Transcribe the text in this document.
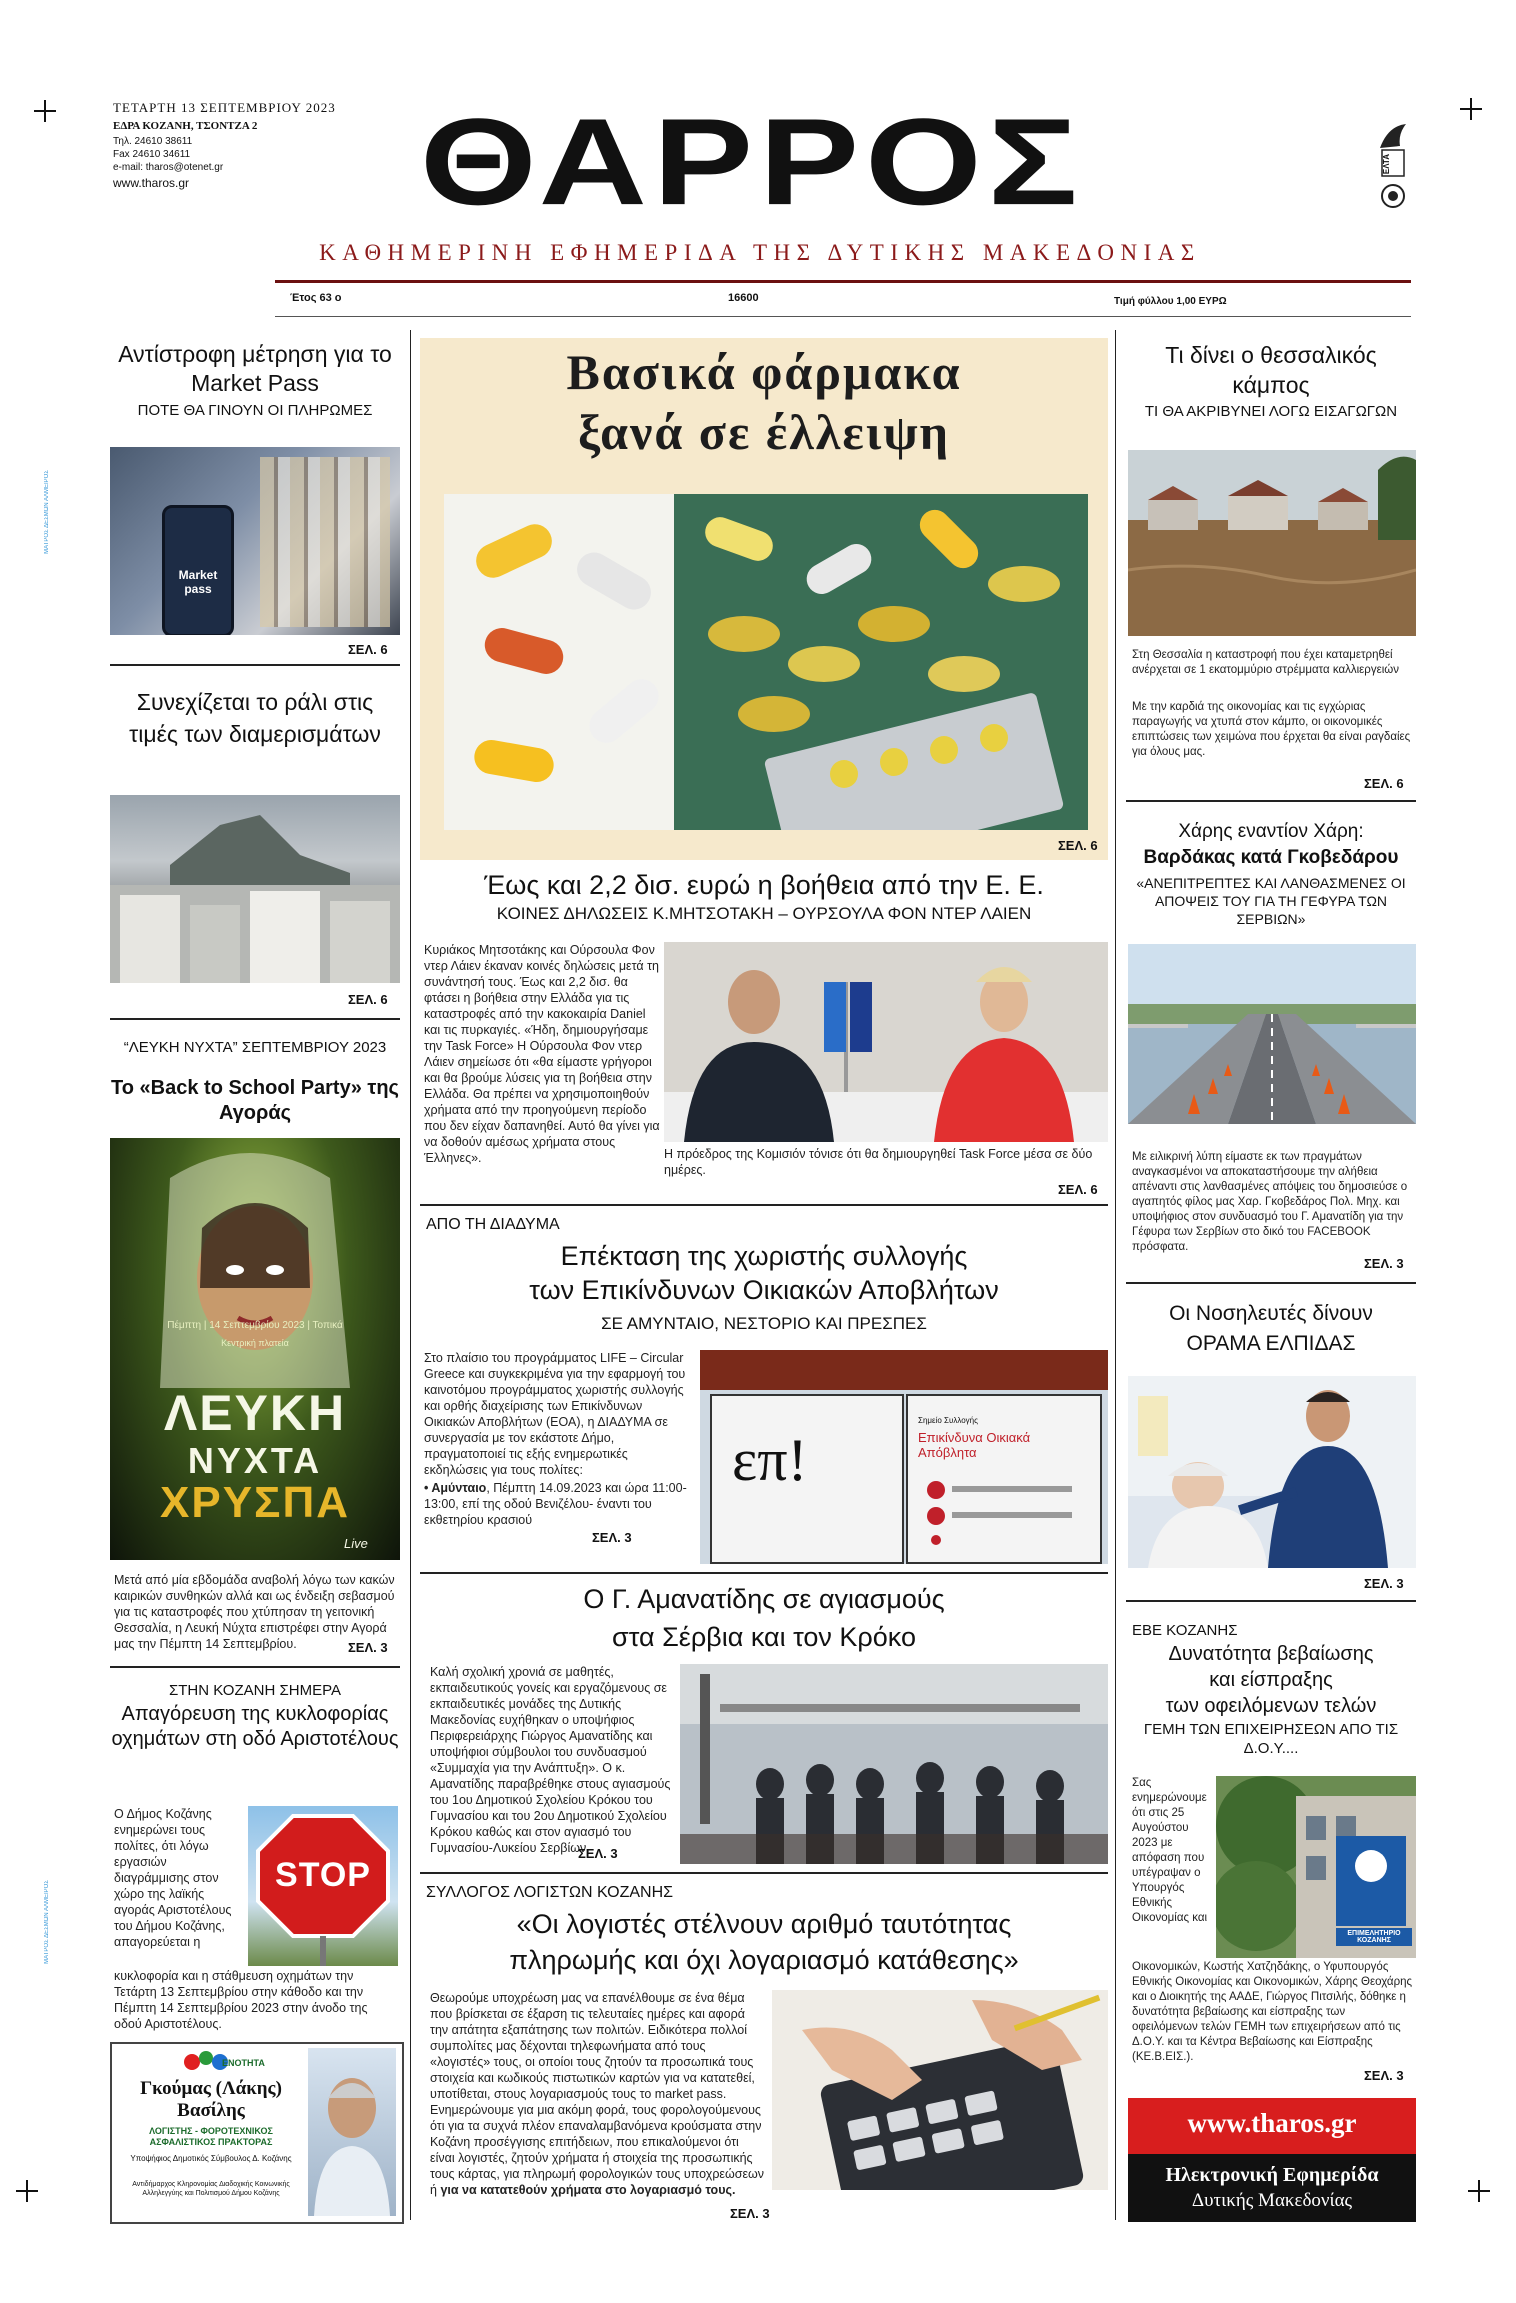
ΤΕΤΑΡΤΗ 13 ΣΕΠΤΕΜΒΡΙΟΥ 2023
ΕΔΡΑ ΚΟΖΑΝΗ, ΤΣΟΝΤΖΑ 2
Τηλ. 24610 38611
Fax 24610 34611
e-mail: tharos@otenet.gr
www.tharos.gr ΘΑΡΡΟΣ	ΕΛΤΑ
ΚΑΘΗΜΕΡΙΝΗ ΕΦΗΜΕΡΙΔΑ ΤΗΣ ΔΥΤΙΚΗΣ ΜΑΚΕΔΟΝΙΑΣ
Έτος 63 ο	16600	Τιμή φύλλου 1,00 ΕΥΡΩ
ΜΑΤΡΟΣ ΔΕΣΜΩΝ ΑΛΜΕΙΡΟΣ
ΜΑΤΡΟΣ ΔΕΣΜΩΝ ΑΛΜΕΙΡΟΣ
Αντίστροφη μέτρηση για το Market Pass
ΠΟΤΕ ΘΑ ΓΙΝΟΥΝ ΟΙ ΠΛΗΡΩΜΕΣ
Market pass
ΣΕΛ. 6
Συνεχίζεται το ράλι στις τιμές των διαμερισμάτων
ΣΕΛ. 6
“ΛΕΥΚΗ ΝΥΧΤΑ” ΣΕΠΤΕΜΒΡΙΟΥ 2023
To «Back to School Party» της Αγοράς
Πέμπτη | 14 Σεπτεμβρίου 2023 | Τοπικά
Κεντρική πλατεία
ΛΕΥΚΗ
ΝΥΧΤΑ
ΧΡΥΣΠΑ
Live
Μετά από μία εβδομάδα αναβολή λόγω των κακών καιρικών συνθηκών αλλά και ως ένδειξη σεβασμού για τις καταστροφές που χτύπησαν τη γειτονική Θεσσαλία, η Λευκή Νύχτα επιστρέφει στην Αγορά μας την Πέμπτη 14 Σεπτεμβρίου.	ΣΕΛ. 3
ΣΤΗΝ ΚΟΖΑΝΗ ΣΗΜΕΡΑ
Απαγόρευση της κυκλοφορίας οχημάτων στη οδό Αριστοτέλους
Ο Δήμος Κοζάνης ενημερώνει τους πολίτες, ότι λόγω εργασιών διαγράμμισης στον χώρο της λαϊκής αγοράς Αριστοτέλους του Δήμου Κοζάνης, απαγορεύεται η
STOP
κυκλοφορία και η στάθμευση οχημάτων την Τετάρτη 13 Σεπτεμβρίου στην κάθοδο και την Πέμπτη 14 Σεπτεμβρίου 2023 στην άνοδο της οδού Αριστοτέλους.
ΕΝΟΤΗΤΑ
Γκούμας (Λάκης)
Βασίλης
ΛΟΓΙΣΤΗΣ - ΦΟΡΟΤΕΧΝΙΚΟΣ ΑΣΦΑΛΙΣΤΙΚΟΣ ΠΡΑΚΤΟΡΑΣ
Υποψήφιος Δημοτικός Σύμβουλος Δ. Κοζάνης
Αντιδήμαρχος Κληρονομίας Διαδοχικής Κοινωνικής Αλληλεγγύης και Πολιτισμού Δήμου Κοζάνης
Βασικά φάρμακα
ξανά σε έλλειψη
ΣΕΛ. 6
Έως και 2,2 δισ. ευρώ η βοήθεια από την Ε. Ε.
ΚΟΙΝΕΣ ΔΗΛΩΣΕΙΣ Κ.ΜΗΤΣΟΤΑΚΗ – ΟΥΡΣΟΥΛΑ ΦΟΝ ΝΤΕΡ ΛΑΙΕΝ
Κυριάκος Μητσοτάκης και Ούρσουλα Φον ντερ Λάιεν έκαναν κοινές δηλώσεις μετά τη συνάντησή τους. Έως και 2,2 δισ. θα φτάσει η βοήθεια στην Ελλάδα για τις καταστροφές από την κακοκαιρία Daniel και τις πυρκαγιές. «Ήδη, δημιουργήσαμε την Task Force» Η Ούρσουλα Φον ντερ Λάιεν σημείωσε ότι «θα είμαστε γρήγοροι και θα βρούμε λύσεις για τη βοήθεια στην Ελλάδα. Θα πρέπει να χρησιμοποιηθούν χρήματα από την προηγούμενη περίοδο που δεν είχαν δαπανηθεί. Αυτό θα γίνει για να δοθούν αμέσως χρήματα στους Έλληνες».	Η πρόεδρος της Κομισιόν τόνισε ότι θα δημιουργηθεί Task Force μέσα σε δύο ημέρες.
ΣΕΛ. 6
ΑΠΟ ΤΗ ΔΙΑΔΥΜΑ
Επέκταση της χωριστής συλλογής
των Επικίνδυνων Οικιακών Αποβλήτων
ΣΕ ΑΜΥΝΤΑΙΟ, ΝΕΣΤΟΡΙΟ ΚΑΙ ΠΡΕΣΠΕΣ
Στο πλαίσιο του προγράμματος LIFE – Circular Greece και συγκεκριμένα για την εφαρμογή του καινοτόμου προγράμματος χωριστής συλλογής και ορθής διαχείρισης των Επικίνδυνων Οικιακών Αποβλήτων (ΕΟΑ), η ΔΙΑΔΥΜΑ σε συνεργασία με τον εκάστοτε Δήμο, πραγματοποιεί τις εξής ενημερωτικές εκδηλώσεις για τους πολίτες:
• Αμύνταιο, Πέμπτη 14.09.2023 και ώρα 11:00-13:00, επί της οδού Βενιζέλου- έναντι του εκθετηρίου κρασιού
ΣΕΛ. 3
επ!
Σημείο Συλλογής
Επικίνδυνα Οικιακά Απόβλητα
Ο Γ. Αμανατίδης σε αγιασμούς
στα Σέρβια και τον Κρόκο
Καλή σχολική χρονιά σε μαθητές, εκπαιδευτικούς γονείς και εργαζόμενους σε εκπαιδευτικές μονάδες της Δυτικής Μακεδονίας ευχήθηκαν ο υποψήφιος Περιφερειάρχης Γιώργος Αμανατίδης και υποψήφιοι σύμβουλοι του συνδυασμού «Συμμαχία για την Ανάπτυξη». Ο κ. Αμανατίδης παραβρέθηκε στους αγιασμούς του 1ου Δημοτικού Σχολείου Κρόκου του Γυμνασίου και του 2ου Δημοτικού Σχολείου Κρόκου καθώς και στον αγιασμό του Γυμνασίου-Λυκείου Σερβίων.
ΣΕΛ. 3
ΣΥΛΛΟΓΟΣ ΛΟΓΙΣΤΩΝ ΚΟΖΑΝΗΣ
«Οι λογιστές στέλνουν αριθμό ταυτότητας
πληρωμής και όχι λογαριασμό κατάθεσης»
Θεωρούμε υποχρέωση μας να επανέλθουμε σε ένα θέμα που βρίσκεται σε έξαρση τις τελευταίες ημέρες και αφορά την απάτητα εξαπάτησης των πολιτών. Ειδικότερα πολλοί συμπολίτες μας δέχονται τηλεφωνήματα από τους «λογιστές» τους, οι οποίοι τους ζητούν τα προσωπικά τους στοιχεία και κωδικούς πιστωτικών καρτών για να κατατεθεί, υποτίθεται, στους λογαριασμούς τους το market pass. Ενημερώνουμε για μια ακόμη φορά, τους φορολογούμενους ότι για τα συχνά πλέον επαναλαμβανόμενα κρούσματα στην Κοζάνη προσέγγισης επιτήδειων, που επικαλούμενοι ότι είναι λογιστές, ζητούν χρήματα ή στοιχεία της προσωπικής τους κάρτας, για πληρωμή φορολογικών τους υποχρεώσεων ή για να κατατεθούν χρήματα στο λογαριασμό τους.
ΣΕΛ. 3
Τι δίνει ο θεσσαλικός κάμπος
ΤΙ ΘΑ ΑΚΡΙΒΥΝΕΙ ΛΟΓΩ ΕΙΣΑΓΩΓΩΝ
Στη Θεσσαλία η καταστροφή που έχει καταμετρηθεί ανέρχεται σε 1 εκατομμύριο στρέμματα καλλιεργειών
Με την καρδιά της οικονομίας και τις εγχώριας παραγωγής να χτυπά στον κάμπο, οι οικονομικές επιπτώσεις των χειμώνα που έρχεται θα είναι ραγδαίες για όλους μας.
ΣΕΛ. 6
Χάρης εναντίον Χάρη:
Βαρδάκας κατά Γκοβεδάρου
«ΑΝΕΠΙΤΡΕΠΤΕΣ ΚΑΙ ΛΑΝΘΑΣΜΕΝΕΣ ΟΙ ΑΠΟΨΕΙΣ ΤΟΥ ΓΙΑ ΤΗ ΓΕΦΥΡΑ ΤΩΝ ΣΕΡΒΙΩΝ»
Με ειλικρινή λύπη είμαστε εκ των πραγμάτων αναγκασμένοι να αποκαταστήσουμε την αλήθεια απέναντι στις λανθασμένες απόψεις του δημοσιεύσε ο αγαπητός φίλος μας Χαρ. Γκοβεδάρος Πολ. Μηχ. και υποψήφιος στον συνδυασμό του Γ. Αμανατίδη για την Γέφυρα των Σερβίων στο δικό του FACEBOOK πρόσφατα.
ΣΕΛ. 3
Οι Νοσηλευτές δίνουν
ΟΡΑΜΑ ΕΛΠΙΔΑΣ
ΣΕΛ. 3
ΕΒΕ ΚΟΖΑΝΗΣ
Δυνατότητα βεβαίωσης
και είσπραξης
των οφειλόμενων τελών
ΓΕΜΗ ΤΩΝ ΕΠΙΧΕΙΡΗΣΕΩΝ ΑΠΟ ΤΙΣ Δ.Ο.Υ....
Σας ενημερώνουμε ότι στις 25 Αυγούστου 2023 με απόφαση που υπέγραψαν ο Υπουργός Εθνικής Οικονομίας και
ΕΠΙΜΕΛΗΤΗΡΙΟ ΚΟΖΑΝΗΣ
Οικονομικών, Κωστής Χατζηδάκης, ο Υφυπουργός Εθνικής Οικονομίας και Οικονομικών, Χάρης Θεοχάρης και ο Διοικητής της ΑΑΔΕ, Γιώργος Πιτσιλής, δόθηκε η δυνατότητα βεβαίωσης και είσπραξης των οφειλόμενων τελών ΓΕΜΗ των επιχειρήσεων από τις Δ.Ο.Υ. και τα Κέντρα Βεβαίωσης και Είσπραξης (ΚΕ.Β.ΕΙΣ.).
ΣΕΛ. 3
www.tharos.gr
Ηλεκτρονική Εφημερίδα
Δυτικής Μακεδονίας
